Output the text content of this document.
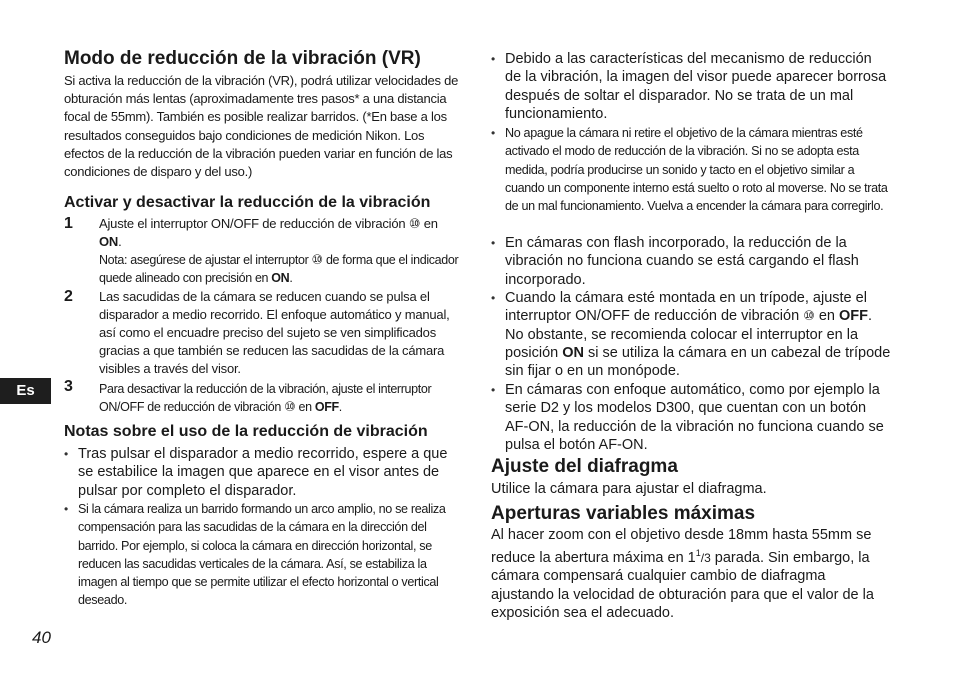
Modo de reducción de la vibración (VR)
Si activa la reducción de la vibración (VR), podrá utilizar velocidades de obturación más lentas (aproximadamente tres pasos* a una distancia focal de 55mm). También es posible realizar barridos. (*En base a los resultados conseguidos bajo condiciones de medición Nikon. Los efectos de la reducción de la vibración pueden variar en función de las condiciones de disparo y del uso.)
Activar y desactivar la reducción de la vibración
1 Ajuste el interruptor ON/OFF de reducción de vibración ⑩ en ON.
Nota: asegúrese de ajustar el interruptor ⑩ de forma que el indicador quede alineado con precisión en ON.
2 Las sacudidas de la cámara se reducen cuando se pulsa el disparador a medio recorrido. El enfoque automático y manual, así como el encuadre preciso del sujeto se ven simplificados gracias a que también se reducen las sacudidas de la cámara visibles a través del visor.
3 Para desactivar la reducción de la vibración, ajuste el interruptor ON/OFF de reducción de vibración ⑩ en OFF.
Notas sobre el uso de la reducción de vibración
• Tras pulsar el disparador a medio recorrido, espere a que se estabilice la imagen que aparece en el visor antes de pulsar por completo el disparador.
• Si la cámara realiza un barrido formando un arco amplio, no se realiza compensación para las sacudidas de la cámara en la dirección del barrido. Por ejemplo, si coloca la cámara en dirección horizontal, se reducen las sacudidas verticales de la cámara. Así, se estabiliza la imagen al tiempo que se permite utilizar el efecto horizontal o vertical deseado.
• Debido a las características del mecanismo de reducción de la vibración, la imagen del visor puede aparecer borrosa después de soltar el disparador. No se trata de un mal funcionamiento.
• No apague la cámara ni retire el objetivo de la cámara mientras esté activado el modo de reducción de la vibración. Si no se adopta esta medida, podría producirse un sonido y tacto en el objetivo similar a cuando un componente interno está suelto o roto al moverse. No se trata de un mal funcionamiento. Vuelva a encender la cámara para corregirlo.
• En cámaras con flash incorporado, la reducción de la vibración no funciona cuando se está cargando el flash incorporado.
• Cuando la cámara esté montada en un trípode, ajuste el interruptor ON/OFF de reducción de vibración ⑩ en OFF. No obstante, se recomienda colocar el interruptor en la posición ON si se utiliza la cámara en un cabezal de trípode sin fijar o en un monópode.
• En cámaras con enfoque automático, como por ejemplo la serie D2 y los modelos D300, que cuentan con un botón AF-ON, la reducción de la vibración no funciona cuando se pulsa el botón AF-ON.
Ajuste del diafragma
Utilice la cámara para ajustar el diafragma.
Aperturas variables máximas
Al hacer zoom con el objetivo desde 18mm hasta 55mm se reduce la abertura máxima en $1^1/3$ parada. Sin embargo, la cámara compensará cualquier cambio de diafragma ajustando la velocidad de obturación para que el valor de la exposición sea el adecuado.
Es
40
